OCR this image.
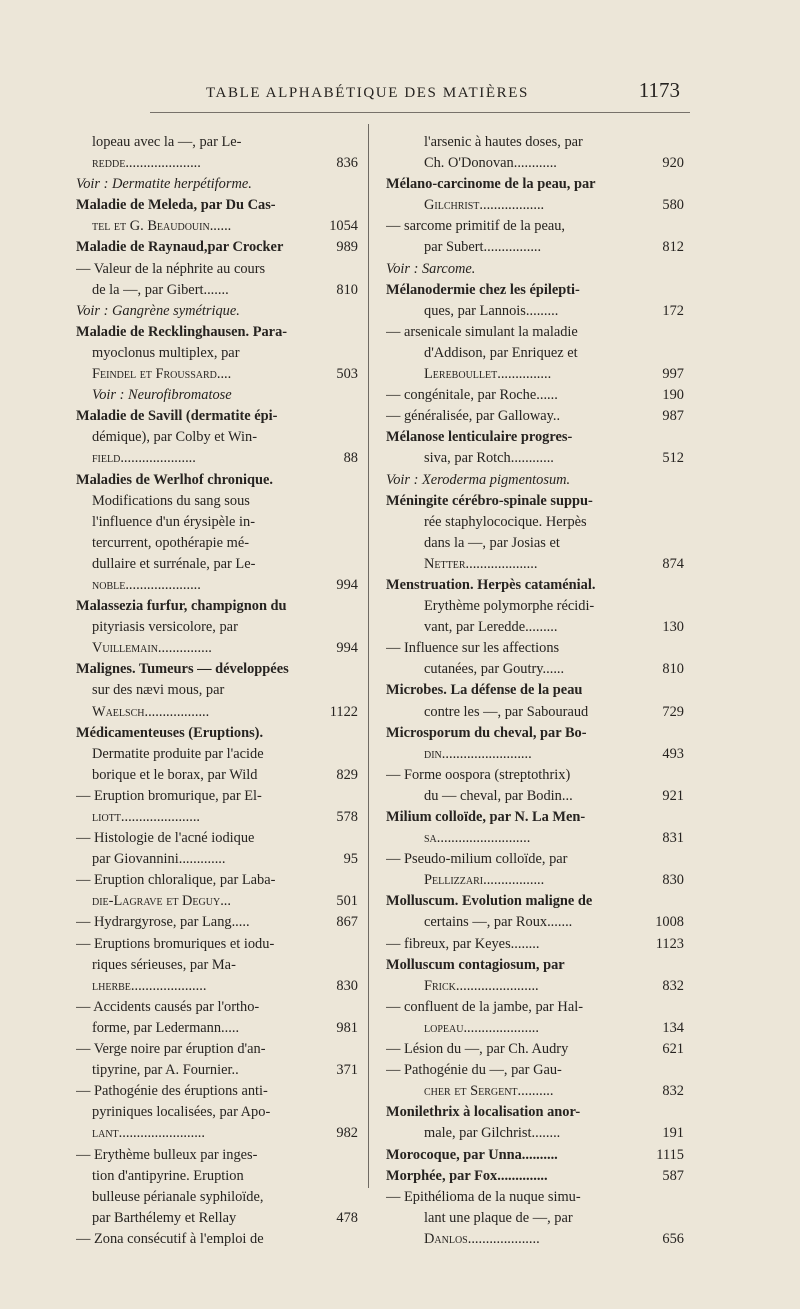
TABLE ALPHABÉTIQUE DES MATIÈRES	1173
lopeau avec la —, par Le-
redde.....................	836
Voir : Dermatite herpétiforme.
Maladie de Meleda, par Du Cas-
tel et G. Beaudouin......	1054
Maladie de Raynaud,par Crocker	989
— Valeur de la néphrite au cours
de la —, par Gibert.......	810
Voir : Gangrène symétrique.
Maladie de Recklinghausen. Para-
myoclonus multiplex, par
Feindel et Froussard....	503
Voir : Neurofibromatose
Maladie de Savill (dermatite épi-
démique), par Colby et Win-
field.....................	88
Maladies de Werlhof chronique.
Modifications du sang sous
l'influence d'un érysipèle in-
tercurrent, opothérapie mé-
dullaire et surrénale, par Le-
noble.....................	994
Malassezia furfur, champignon du
pityriasis versicolore, par
Vuillemain...............	994
Malignes. Tumeurs — développées
sur des nævi mous, par
Waelsch..................	1122
Médicamenteuses (Eruptions).
Dermatite produite par l'acide
borique et le borax, par Wild	829
— Eruption bromurique, par El-
liott......................	578
— Histologie de l'acné iodique
par Giovannini.............	95
— Eruption chloralique, par Laba-
die-Lagrave et Deguy...	501
— Hydrargyrose, par Lang.....	867
— Eruptions bromuriques et iodu-
riques sérieuses, par Ma-
lherbe.....................	830
— Accidents causés par l'ortho-
forme, par Ledermann.....	981
— Verge noire par éruption d'an-
tipyrine, par A. Fournier..	371
— Pathogénie des éruptions anti-
pyriniques localisées, par Apo-
lant........................	982
— Erythème bulleux par inges-
tion d'antipyrine. Eruption
bulleuse périanale syphiloïde,
par Barthélemy et Rellay	478
— Zona consécutif à l'emploi de
l'arsenic à hautes doses, par
Ch. O'Donovan............	920
Mélano-carcinome de la peau, par
Gilchrist..................	580
— sarcome primitif de la peau,
par Subert................	812
Voir : Sarcome.
Mélanodermie chez les épilepti-
ques, par Lannois.........	172
— arsenicale simulant la maladie
d'Addison, par Enriquez et
Lereboullet...............	997
— congénitale, par Roche......	190
— généralisée, par Galloway..	987
Mélanose lenticulaire progres-
siva, par Rotch............	512
Voir : Xeroderma pigmentosum.
Méningite cérébro-spinale suppu-
rée staphylococique. Herpès
dans la —, par Josias et
Netter....................	874
Menstruation. Herpès cataménial.
Erythème polymorphe récidi-
vant, par Leredde.........	130
— Influence sur les affections
cutanées, par Goutry......	810
Microbes. La défense de la peau
contre les —, par Sabouraud	729
Microsporum du cheval, par Bo-
din.........................	493
— Forme oospora (streptothrix)
du — cheval, par Bodin...	921
Milium colloïde, par N. La Men-
sa..........................	831
— Pseudo-milium colloïde, par
Pellizzari.................	830
Molluscum. Evolution maligne de
certains —, par Roux.......	1008
— fibreux, par Keyes........	1123
Molluscum contagiosum, par
Frick.......................	832
— confluent de la jambe, par Hal-
lopeau.....................	134
— Lésion du —, par Ch. Audry	621
— Pathogénie du —, par Gau-
cher et Sergent..........	832
Monilethrix à localisation anor-
male, par Gilchrist........	191
Morocoque, par Unna..........	1115
Morphée, par Fox..............	587
— Epithélioma de la nuque simu-
lant une plaque de —, par
Danlos....................	656
